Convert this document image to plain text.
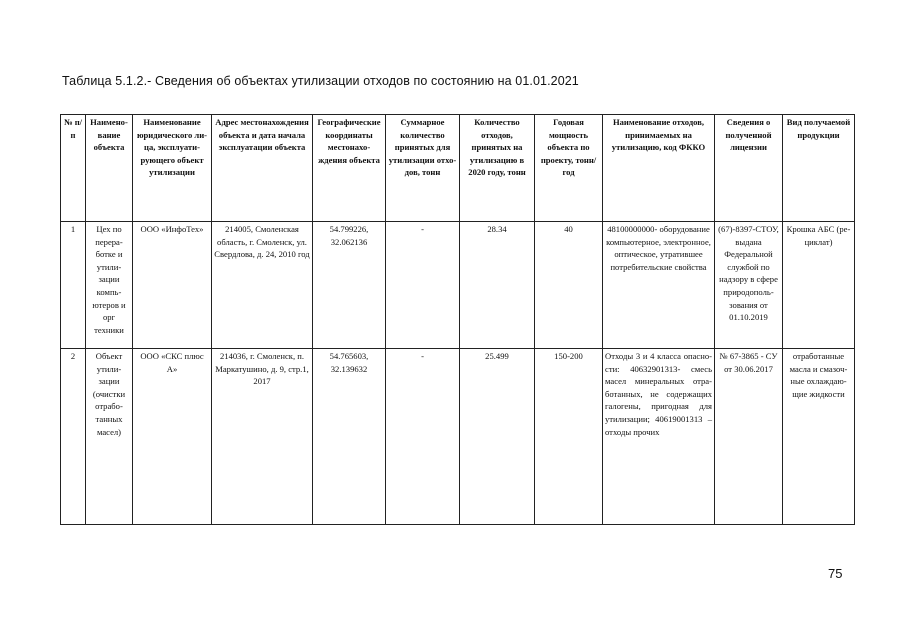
Таблица 5.1.2.- Сведения об объектах утилизации отходов по состоянию на 01.01.2021
№ п/п	Наименование объекта	Наименование юридического лица, эксплуатирующего объект утилизации	Адрес местонахождения объекта и дата начала эксплуатации объекта	Географические координаты местонахождения объекта	Суммарное количество принятых для утилизации отходов, тонн	Количество отходов, принятых на утилизацию в 2020 году, тонн	Годовая мощность объекта по проекту, тонн/год	Наименование отходов, принимаемых на утилизацию, код ФККО	Сведения о полученной лицензии	Вид получаемой продукции
1	Цех по переработке и утилизации компьютеров и орг техники	ООО «ИнфоТех»	214005, Смоленская область, г. Смоленск, ул. Свердлова, д. 24, 2010 год	54.799226, 32.062136	-	28.34	40	48100000000- оборудование компьютерное, электронное, оптическое, утратившее потребительские свойства	(67)-8397-СТОУ, выдана Федеральной службой по надзору в сфере природопользования от 01.10.2019	Крошка АБС (рециклат)
2	Объект утилизации (очистки отработанных масел)	ООО «СКС плюс А»	214036, г. Смоленск, п. Маркатушино, д. 9, стр.1, 2017	54.765603, 32.139632	-	25.499	150-200	Отходы 3 и 4 класса опасности: 40632901313- смесь масел минеральных отработанных, не содержащих галогены, пригодная для утилизации; 40619001313 – отходы прочих	№ 67-3865 - СУ от 30.06.2017	отработанные масла и смазочные охлаждающие жидкости
75
